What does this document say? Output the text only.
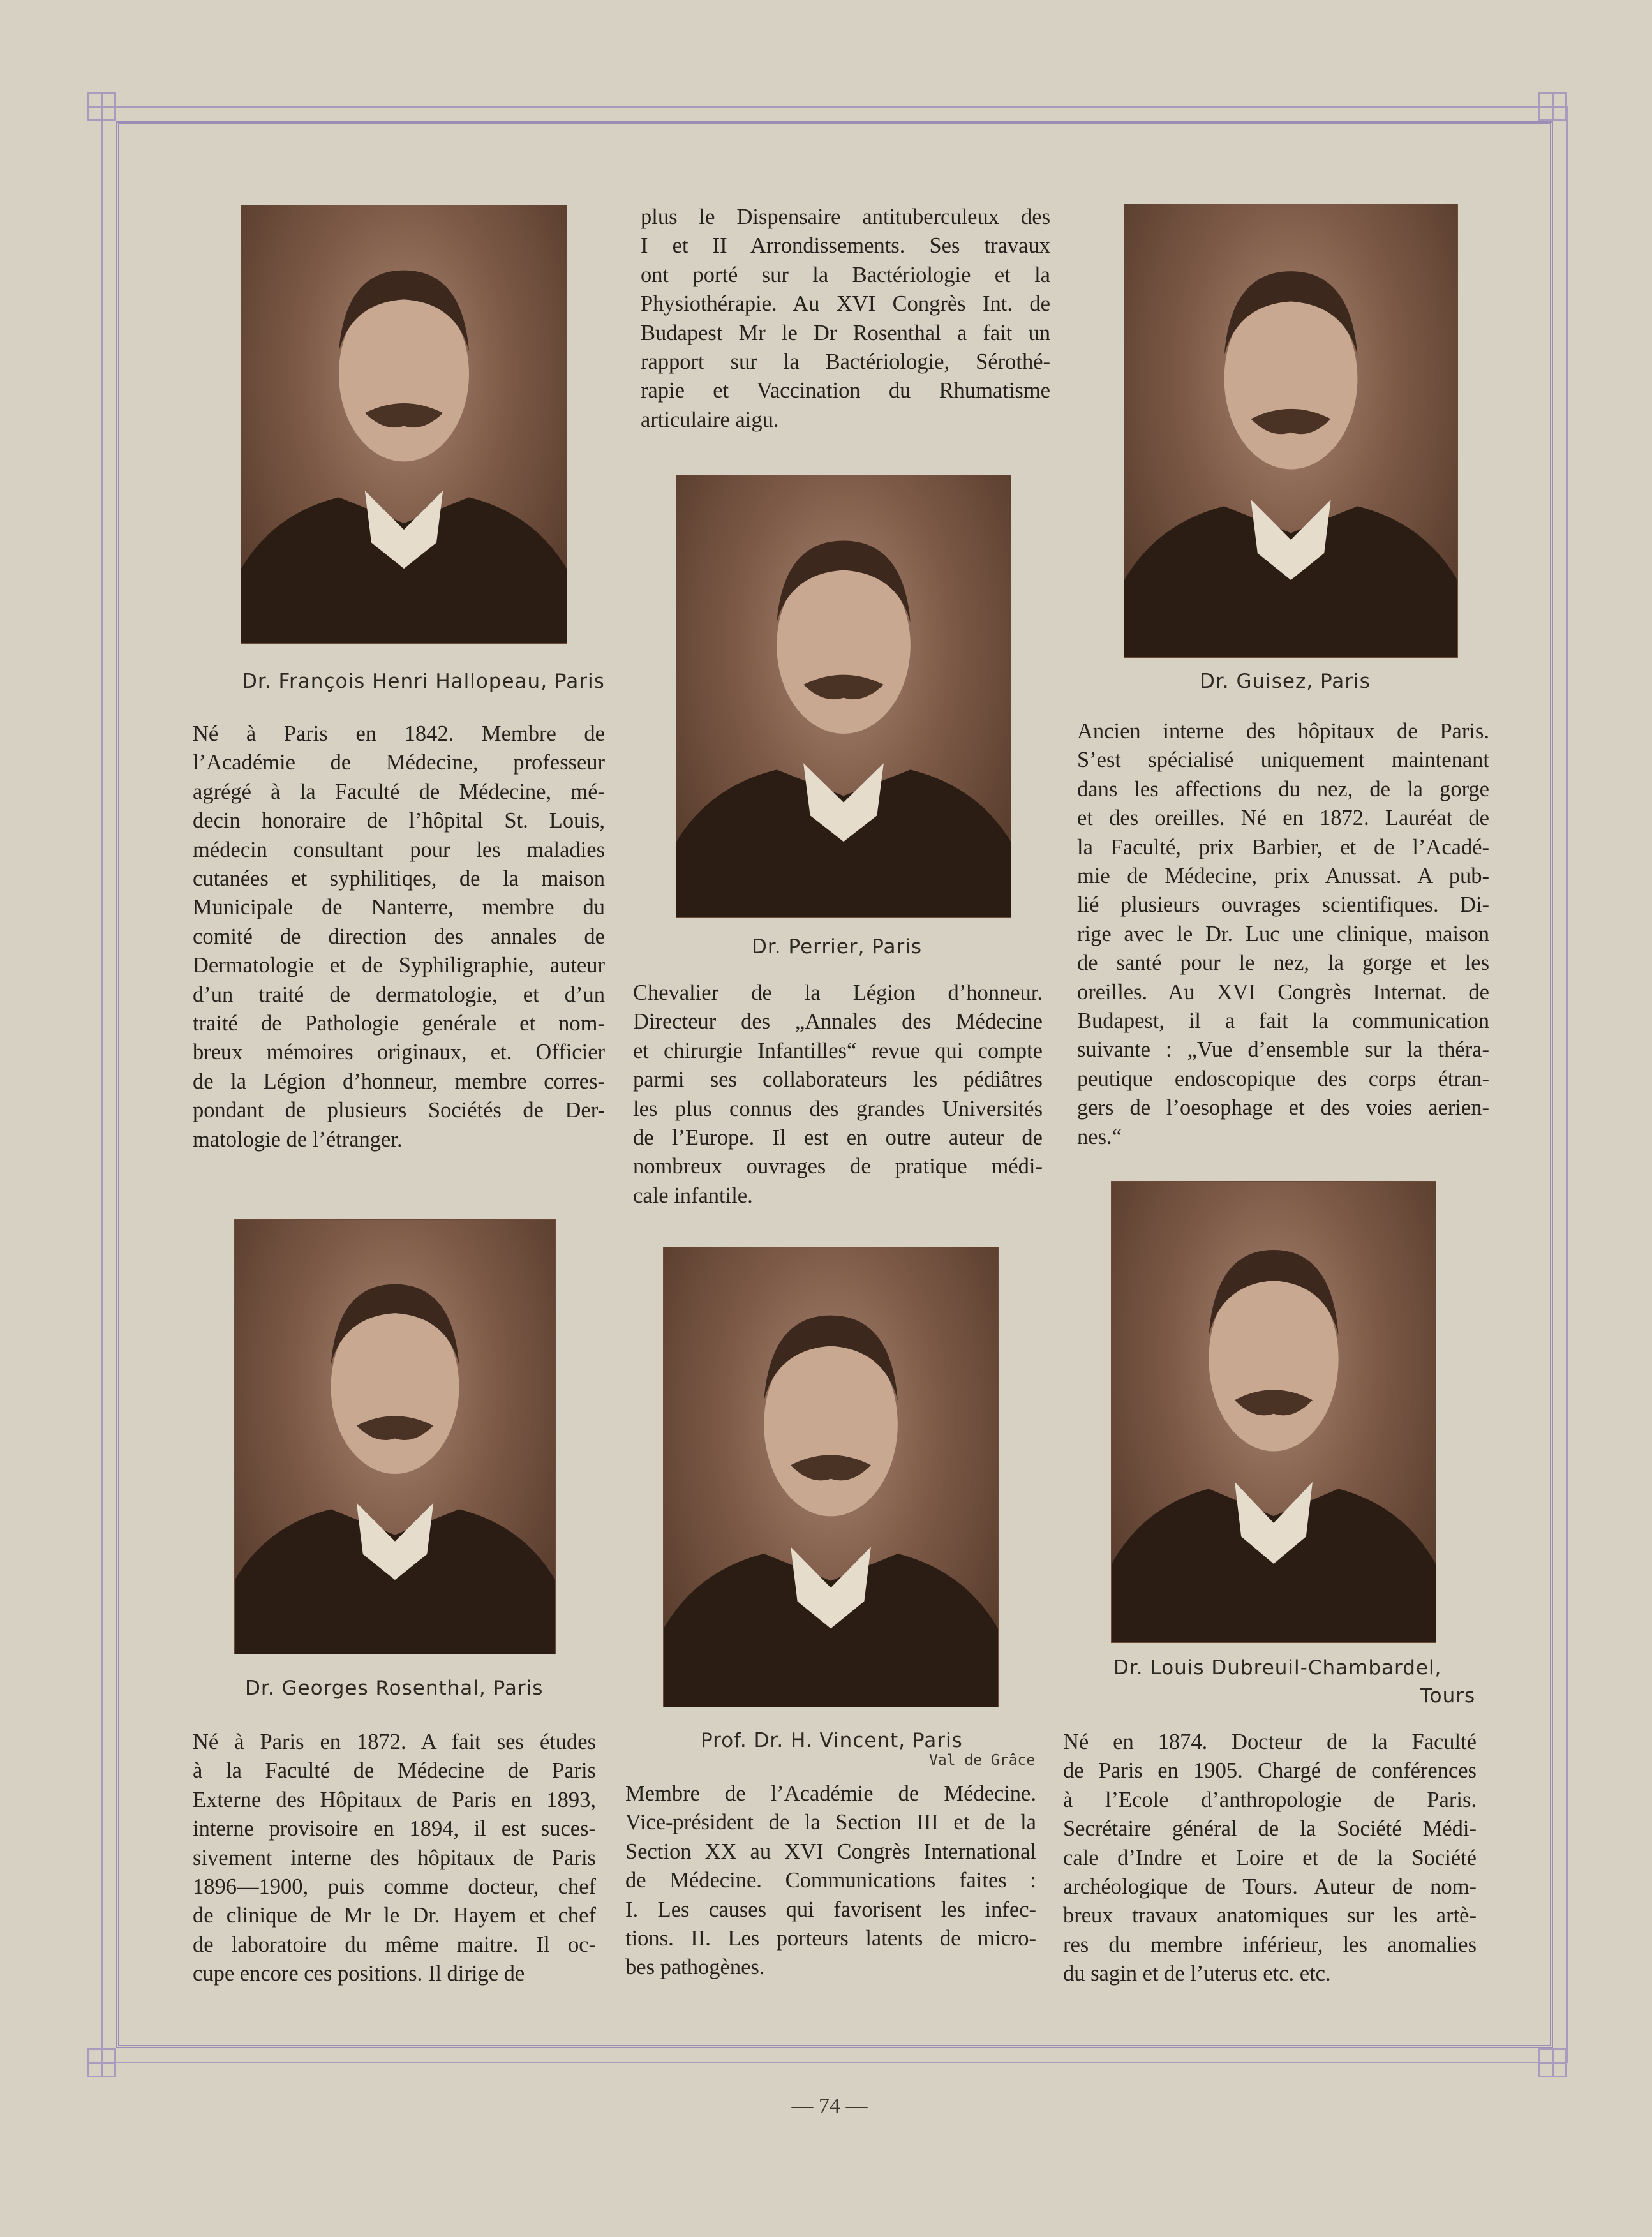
Dr. François Henri Hallopeau, Paris
Dr. Perrier, Paris
Dr. Guisez, Paris
Dr. Georges Rosenthal, Paris
Prof. Dr. H. Vincent, Paris
Val de Grâce
Dr. Louis Dubreuil-Chambardel,
Tours
Né à Paris en 1842. Membre de
l’Académie de Médecine, professeur
agrégé à la Faculté de Médecine, mé-
decin honoraire de l’hôpital St. Louis,
médecin consultant pour les maladies
cutanées et syphilitiqes, de la maison
Municipale de Nanterre, membre du
comité de direction des annales de
Dermatologie et de Syphiligraphie, auteur
d’un traité de dermatologie, et d’un
traité de Pathologie genérale et nom-
breux mémoires originaux, et. Officier
de la Légion d’honneur, membre corres-
pondant de plusieurs Sociétés de Der-
matologie de l’étranger.
plus le Dispensaire antituberculeux des
I et II Arrondissements. Ses travaux
ont porté sur la Bactériologie et la
Physiothérapie. Au XVI Congrès Int. de
Budapest Mr le Dr Rosenthal a fait un
rapport sur la Bactériologie, Sérothé-
rapie et Vaccination du Rhumatisme
articulaire aigu.
Chevalier de la Légion d’honneur.
Directeur des „Annales des Médecine
et chirurgie Infantilles“ revue qui compte
parmi ses collaborateurs les pédiâtres
les plus connus des grandes Universités
de l’Europe. Il est en outre auteur de
nombreux ouvrages de pratique médi-
cale infantile.
Ancien interne des hôpitaux de Paris.
S’est spécialisé uniquement maintenant
dans les affections du nez, de la gorge
et des oreilles. Né en 1872. Lauréat de
la Faculté, prix Barbier, et de l’Acadé-
mie de Médecine, prix Anussat. A pub-
lié plusieurs ouvrages scientifiques. Di-
rige avec le Dr. Luc une clinique, maison
de santé pour le nez, la gorge et les
oreilles. Au XVI Congrès Internat. de
Budapest, il a fait la communication
suivante : „Vue d’ensemble sur la théra-
peutique endoscopique des corps étran-
gers de l’oesophage et des voies aerien-
nes.“
Né à Paris en 1872. A fait ses études
à la Faculté de Médecine de Paris
Externe des Hôpitaux de Paris en 1893,
interne provisoire en 1894, il est suces-
sivement interne des hôpitaux de Paris
1896—1900, puis comme docteur, chef
de clinique de Mr le Dr. Hayem et chef
de laboratoire du même maitre. Il oc-
cupe encore ces positions. Il dirige de
Membre de l’Académie de Médecine.
Vice-président de la Section III et de la
Section XX au XVI Congrès International
de Médecine. Communications faites :
I. Les causes qui favorisent les infec-
tions. II. Les porteurs latents de micro-
bes pathogènes.
Né en 1874. Docteur de la Faculté
de Paris en 1905. Chargé de conférences
à l’Ecole d’anthropologie de Paris.
Secrétaire général de la Société Médi-
cale d’Indre et Loire et de la Société
archéologique de Tours. Auteur de nom-
breux travaux anatomiques sur les artè-
res du membre inférieur, les anomalies
du sagin et de l’uterus etc. etc.
— 74 —
